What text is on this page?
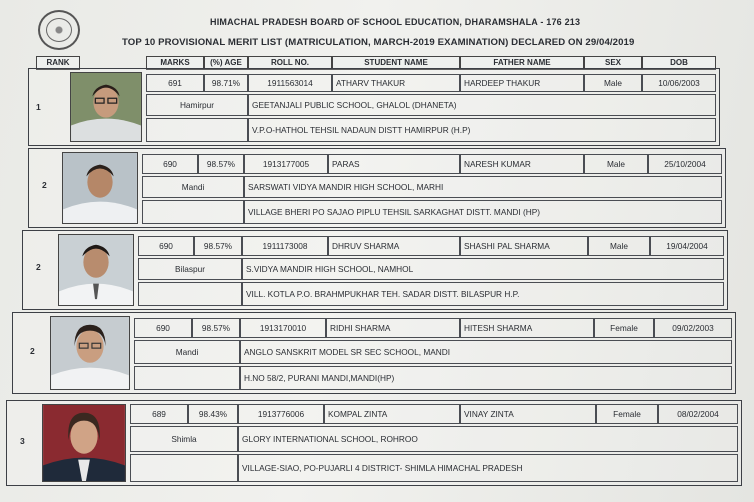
HIMACHAL PRADESH BOARD OF SCHOOL EDUCATION, DHARAMSHALA - 176 213
TOP 10 PROVISIONAL MERIT LIST (MATRICULATION, MARCH-2019 EXAMINATION) DECLARED ON 29/04/2019
RANK	MARKS	(%) AGE	ROLL NO.	STUDENT NAME	FATHER NAME	SEX	DOB
1
691	98.71%	1911563014	ATHARV THAKUR	HARDEEP THAKUR	Male	10/06/2003
Hamirpur	GEETANJALI PUBLIC SCHOOL, GHALOL (DHANETA)
V.P.O-HATHOL TEHSIL NADAUN DISTT HAMIRPUR (H.P)
2
690	98.57%	1913177005	PARAS	NARESH KUMAR	Male	25/10/2004
Mandi	SARSWATI VIDYA MANDIR HIGH SCHOOL, MARHI
VILLAGE BHERI PO SAJAO PIPLU TEHSIL SARKAGHAT DISTT. MANDI (HP)
2
690	98.57%	1911173008	DHRUV SHARMA	SHASHI PAL SHARMA	Male	19/04/2004
Bilaspur	S.VIDYA MANDIR HIGH SCHOOL, NAMHOL
VILL. KOTLA P.O. BRAHMPUKHAR TEH. SADAR DISTT. BILASPUR H.P.
2
690	98.57%	1913170010	RIDHI SHARMA	HITESH SHARMA	Female	09/02/2003
Mandi	ANGLO SANSKRIT MODEL SR SEC SCHOOL, MANDI
H.NO 58/2, PURANI MANDI,MANDI(HP)
3
689	98.43%	1913776006	KOMPAL ZINTA	VINAY ZINTA	Female	08/02/2004
Shimla	GLORY INTERNATIONAL SCHOOL, ROHROO
VILLAGE-SIAO, PO-PUJARLI 4 DISTRICT- SHIMLA HIMACHAL PRADESH
